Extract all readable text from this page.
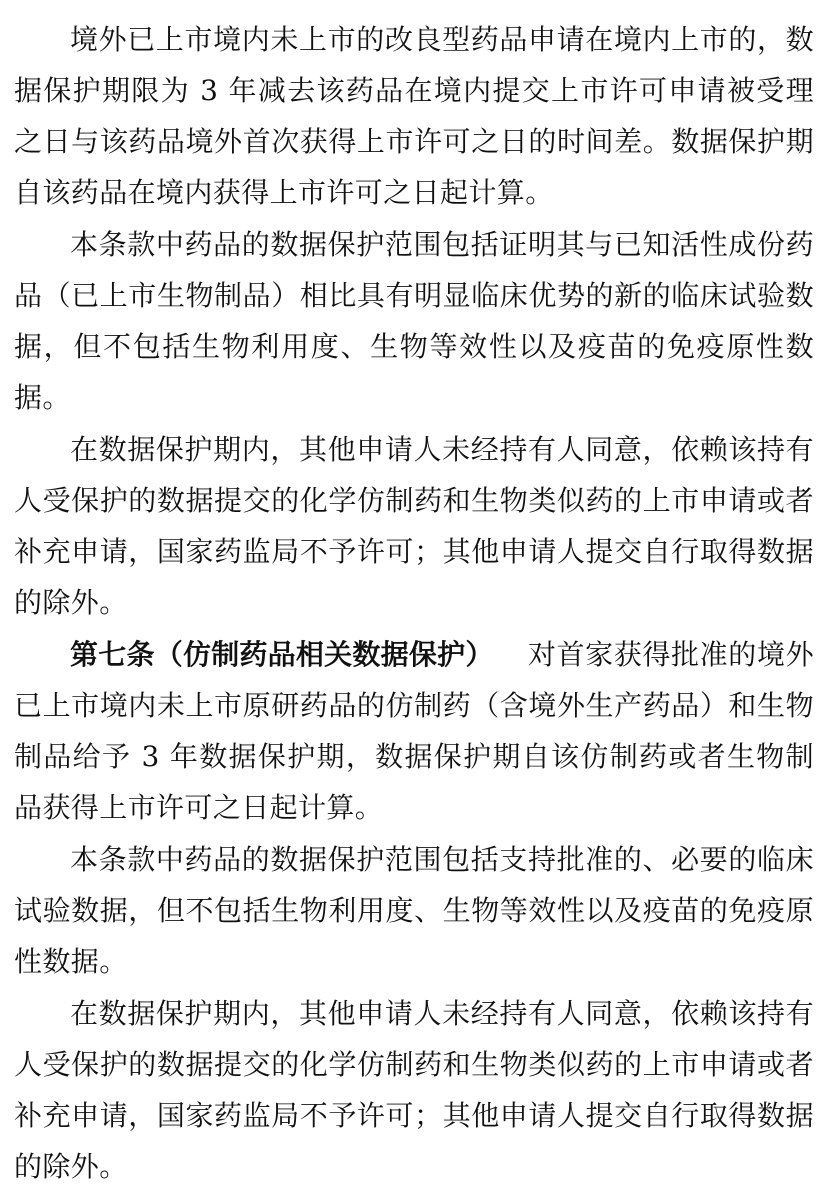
境外已上市境内未上市的改良型药品申请在境内上市的，数据保护期限为 3 年减去该药品在境内提交上市许可申请被受理之日与该药品境外首次获得上市许可之日的时间差。数据保护期自该药品在境内获得上市许可之日起计算。

本条款中药品的数据保护范围包括证明其与已知活性成份药品（已上市生物制品）相比具有明显临床优势的新的临床试验数据，但不包括生物利用度、生物等效性以及疫苗的免疫原性数据。

在数据保护期内，其他申请人未经持有人同意，依赖该持有人受保护的数据提交的化学仿制药和生物类似药的上市申请或者补充申请，国家药监局不予许可；其他申请人提交自行取得数据的除外。

第七条（仿制药品相关数据保护） 对首家获得批准的境外已上市境内未上市原研药品的仿制药（含境外生产药品）和生物制品给予 3 年数据保护期，数据保护期自该仿制药或者生物制品获得上市许可之日起计算。

本条款中药品的数据保护范围包括支持批准的、必要的临床试验数据，但不包括生物利用度、生物等效性以及疫苗的免疫原性数据。

在数据保护期内，其他申请人未经持有人同意，依赖该持有人受保护的数据提交的化学仿制药和生物类似药的上市申请或者补充申请，国家药监局不予许可；其他申请人提交自行取得数据的除外。
